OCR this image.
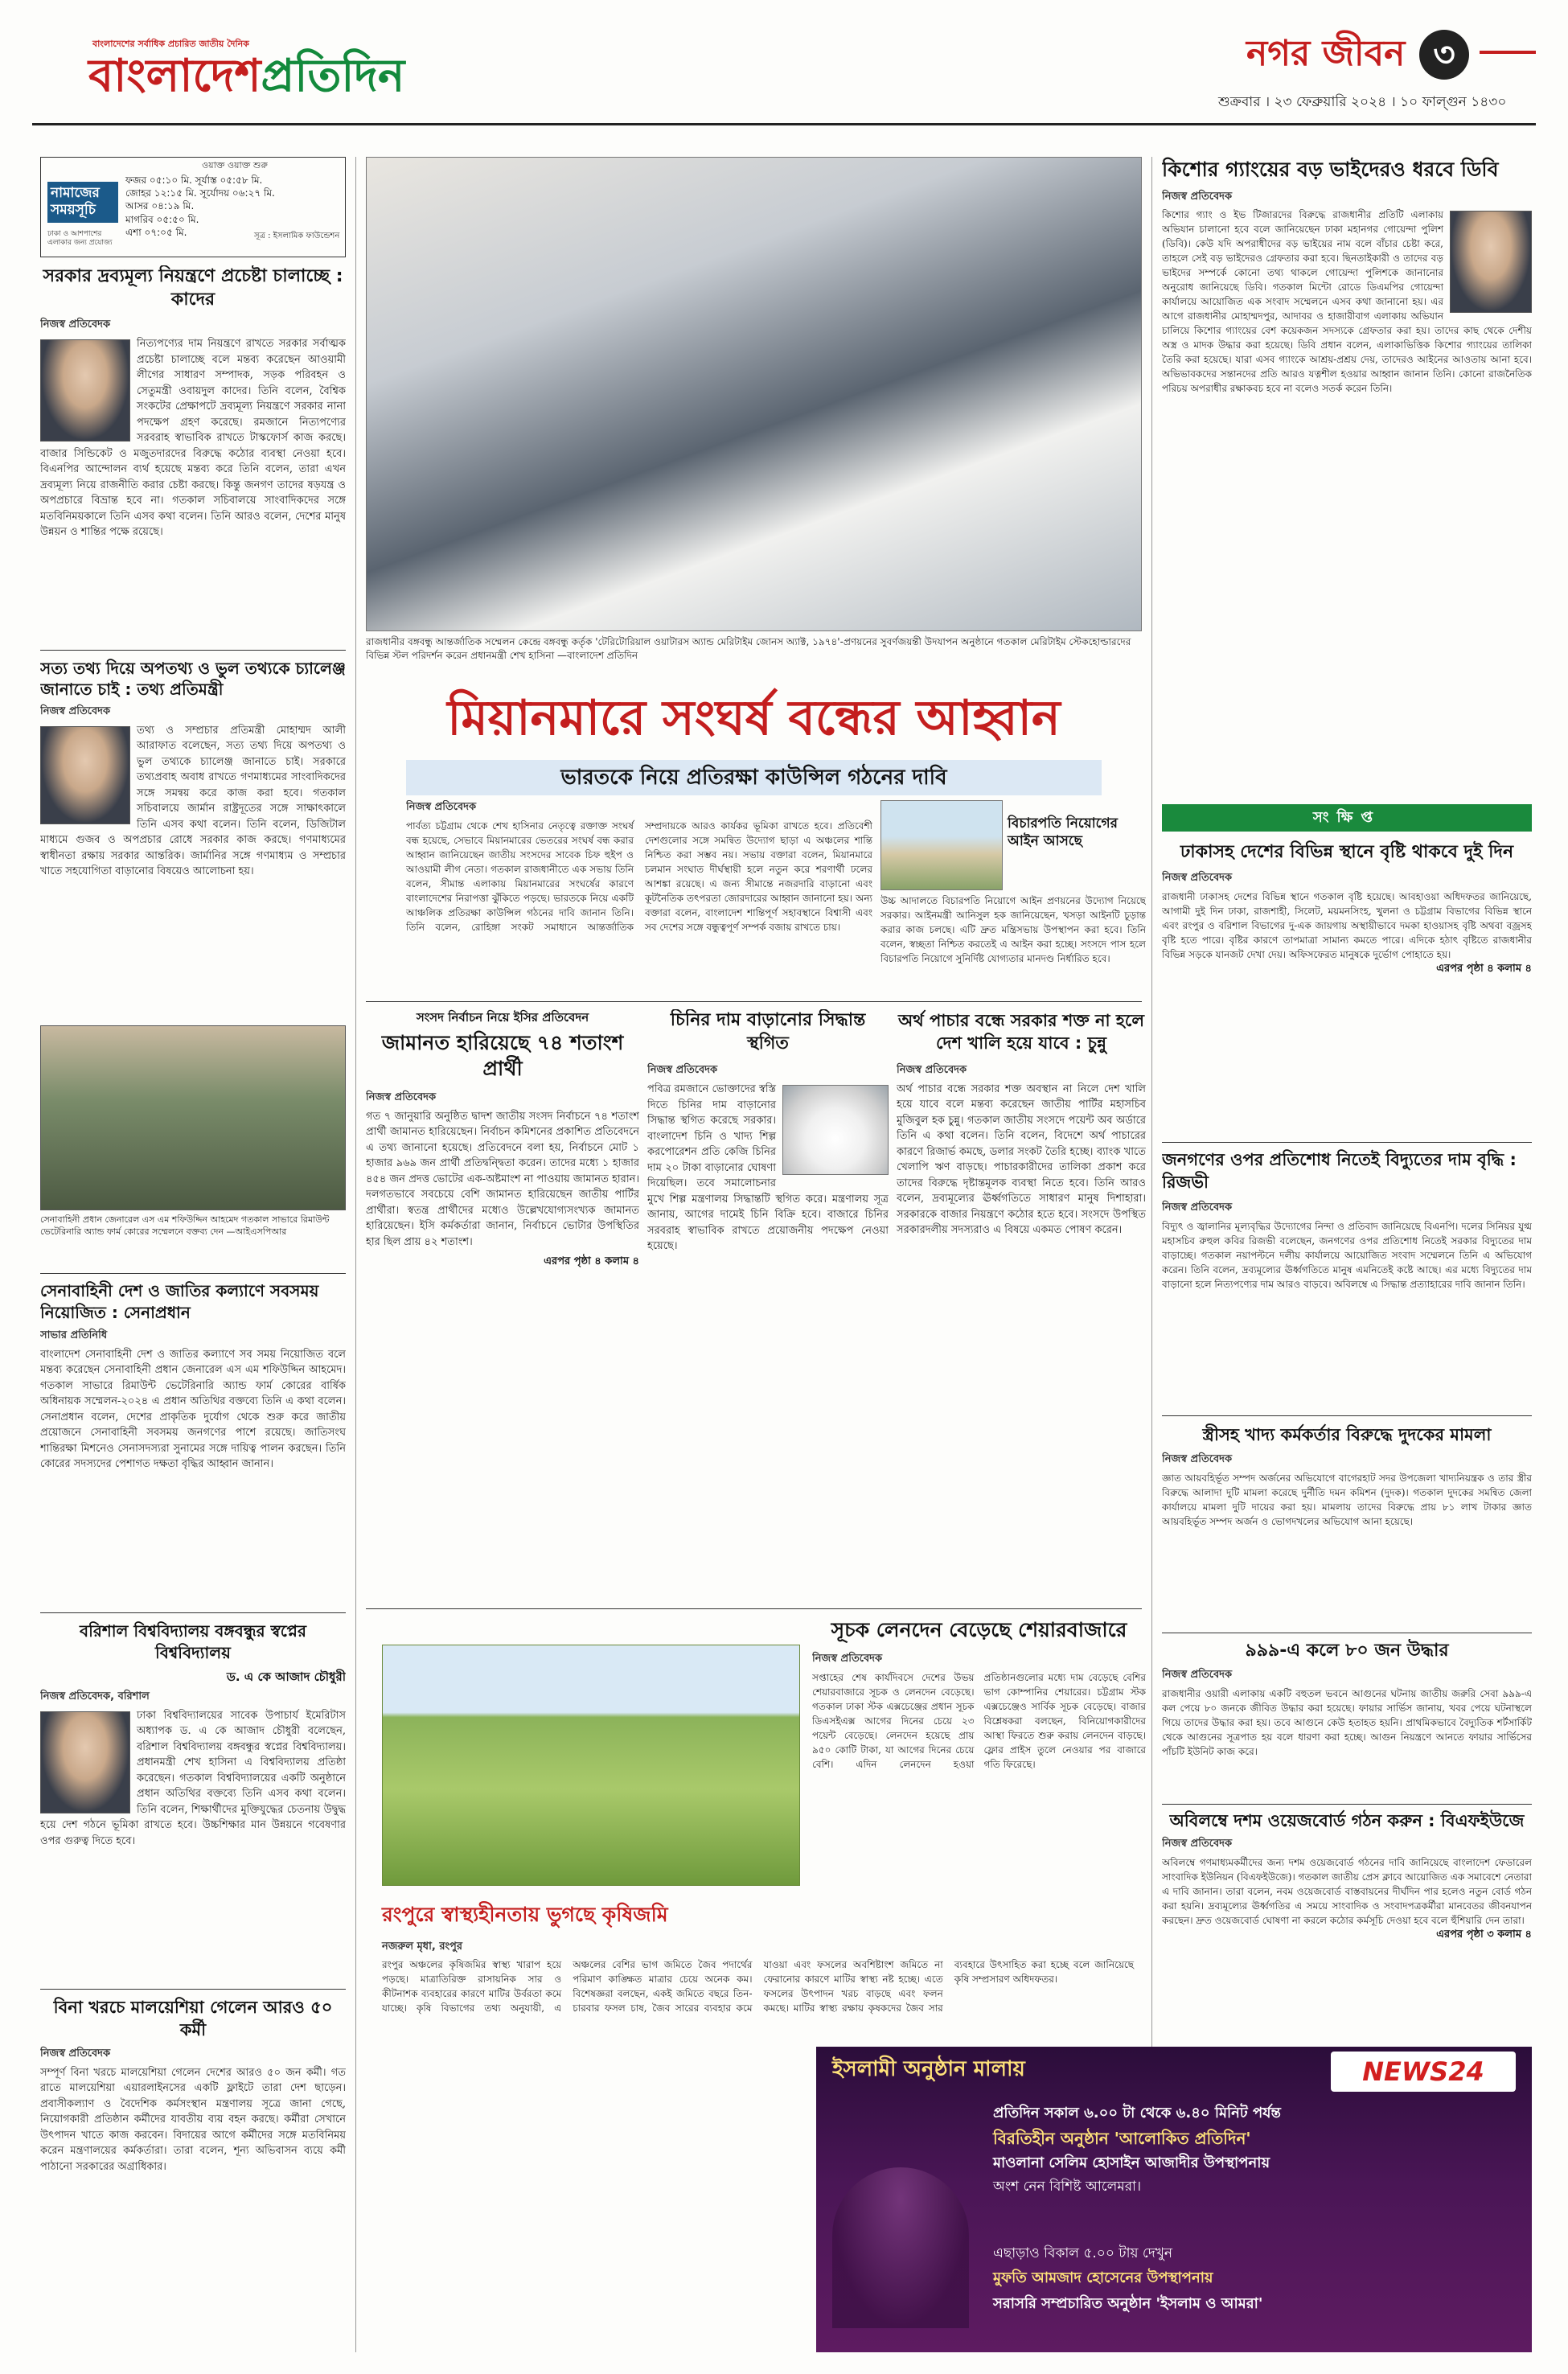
বাংলাদেশের সর্বাধিক প্রচারিত জাতীয় দৈনিক
বাংলাদেশপ্রতিদিন	নগর জীবন ৩
শুক্রবার । ২৩ ফেব্রুয়ারি ২০২৪ । ১০ ফাল্গুন ১৪৩০
নামাজের সময়সূচি
ঢাকা ও আশপাশের এলাকার জন্য প্রযোজ্য
ওয়াক্ত ওয়াক্ত শুরু
ফজর ০৫:১০ মি. সূর্যাস্ত ০৫:৫৮ মি.
জোহর ১২:১৫ মি. সূর্যোদয় ০৬:২৭ মি.
আসর ০৪:১৯ মি.
মাগরিব ০৫:৫০ মি.
এশা ০৭:০৫ মি.	সূত্র : ইসলামিক ফাউন্ডেশন
সরকার দ্রব্যমূল্য নিয়ন্ত্রণে প্রচেষ্টা চালাচ্ছে : কাদের
নিজস্ব প্রতিবেদক
নিত্যপণ্যের দাম নিয়ন্ত্রণে রাখতে সরকার সর্বাত্মক প্রচেষ্টা চালাচ্ছে বলে মন্তব্য করেছেন আওয়ামী লীগের সাধারণ সম্পাদক, সড়ক পরিবহন ও সেতুমন্ত্রী ওবায়দুল কাদের। তিনি বলেন, বৈশ্বিক সংকটের প্রেক্ষাপটে দ্রব্যমূল্য নিয়ন্ত্রণে সরকার নানা পদক্ষেপ গ্রহণ করেছে। রমজানে নিত্যপণ্যের সরবরাহ স্বাভাবিক রাখতে টাস্কফোর্স কাজ করছে। বাজার সিন্ডিকেট ও মজুতদারদের বিরুদ্ধে কঠোর ব্যবস্থা নেওয়া হবে। বিএনপির আন্দোলন ব্যর্থ হয়েছে মন্তব্য করে তিনি বলেন, তারা এখন দ্রব্যমূল্য নিয়ে রাজনীতি করার চেষ্টা করছে। কিন্তু জনগণ তাদের ষড়যন্ত্র ও অপপ্রচারে বিভ্রান্ত হবে না। গতকাল সচিবালয়ে সাংবাদিকদের সঙ্গে মতবিনিময়কালে তিনি এসব কথা বলেন। তিনি আরও বলেন, দেশের মানুষ উন্নয়ন ও শান্তির পক্ষে রয়েছে।
সত্য তথ্য দিয়ে অপতথ্য ও ভুল তথ্যকে চ্যালেঞ্জ জানাতে চাই : তথ্য প্রতিমন্ত্রী
নিজস্ব প্রতিবেদক
তথ্য ও সম্প্রচার প্রতিমন্ত্রী মোহাম্মদ আলী আরাফাত বলেছেন, সত্য তথ্য দিয়ে অপতথ্য ও ভুল তথ্যকে চ্যালেঞ্জ জানাতে চাই। সরকারে তথ্যপ্রবাহ অবাধ রাখতে গণমাধ্যমের সাংবাদিকদের সঙ্গে সমন্বয় করে কাজ করা হবে। গতকাল সচিবালয়ে জার্মান রাষ্ট্রদূতের সঙ্গে সাক্ষাৎকালে তিনি এসব কথা বলেন। তিনি বলেন, ডিজিটাল মাধ্যমে গুজব ও অপপ্রচার রোধে সরকার কাজ করছে। গণমাধ্যমের স্বাধীনতা রক্ষায় সরকার আন্তরিক। জার্মানির সঙ্গে গণমাধ্যম ও সম্প্রচার খাতে সহযোগিতা বাড়ানোর বিষয়েও আলোচনা হয়।
সেনাবাহিনী প্রধান জেনারেল এস এম শফিউদ্দিন আহমেদ গতকাল সাভারে রিমাউন্ট ভেটেরিনারি অ্যান্ড ফার্ম কোরের সম্মেলনে বক্তব্য দেন —আইএসপিআর
সেনাবাহিনী দেশ ও জাতির কল্যাণে সবসময় নিয়োজিত : সেনাপ্রধান
সাভার প্রতিনিধি
বাংলাদেশ সেনাবাহিনী দেশ ও জাতির কল্যাণে সব সময় নিয়োজিত বলে মন্তব্য করেছেন সেনাবাহিনী প্রধান জেনারেল এস এম শফিউদ্দিন আহমেদ। গতকাল সাভারে রিমাউন্ট ভেটেরিনারি অ্যান্ড ফার্ম কোরের বার্ষিক অধিনায়ক সম্মেলন-২০২৪ এ প্রধান অতিথির বক্তব্যে তিনি এ কথা বলেন। সেনাপ্রধান বলেন, দেশের প্রাকৃতিক দুর্যোগ থেকে শুরু করে জাতীয় প্রয়োজনে সেনাবাহিনী সবসময় জনগণের পাশে রয়েছে। জাতিসংঘ শান্তিরক্ষা মিশনেও সেনাসদস্যরা সুনামের সঙ্গে দায়িত্ব পালন করছেন। তিনি কোরের সদস্যদের পেশাগত দক্ষতা বৃদ্ধির আহ্বান জানান।
বরিশাল বিশ্ববিদ্যালয় বঙ্গবন্ধুর স্বপ্নের বিশ্ববিদ্যালয়
ড. এ কে আজাদ চৌধুরী
নিজস্ব প্রতিবেদক, বরিশাল
ঢাকা বিশ্ববিদ্যালয়ের সাবেক উপাচার্য ইমেরিটাস অধ্যাপক ড. এ কে আজাদ চৌধুরী বলেছেন, বরিশাল বিশ্ববিদ্যালয় বঙ্গবন্ধুর স্বপ্নের বিশ্ববিদ্যালয়। প্রধানমন্ত্রী শেখ হাসিনা এ বিশ্ববিদ্যালয় প্রতিষ্ঠা করেছেন। গতকাল বিশ্ববিদ্যালয়ের একটি অনুষ্ঠানে প্রধান অতিথির বক্তব্যে তিনি এসব কথা বলেন। তিনি বলেন, শিক্ষার্থীদের মুক্তিযুদ্ধের চেতনায় উদ্বুদ্ধ হয়ে দেশ গঠনে ভূমিকা রাখতে হবে। উচ্চশিক্ষার মান উন্নয়নে গবেষণার ওপর গুরুত্ব দিতে হবে।
বিনা খরচে মালয়েশিয়া গেলেন আরও ৫০ কর্মী
নিজস্ব প্রতিবেদক
সম্পূর্ণ বিনা খরচে মালয়েশিয়া গেলেন দেশের আরও ৫০ জন কর্মী। গত রাতে মালয়েশিয়া এয়ারলাইনসের একটি ফ্লাইটে তারা দেশ ছাড়েন। প্রবাসীকল্যাণ ও বৈদেশিক কর্মসংস্থান মন্ত্রণালয় সূত্রে জানা গেছে, নিয়োগকারী প্রতিষ্ঠান কর্মীদের যাবতীয় ব্যয় বহন করছে। কর্মীরা সেখানে উৎপাদন খাতে কাজ করবেন। বিদায়ের আগে কর্মীদের সঙ্গে মতবিনিময় করেন মন্ত্রণালয়ের কর্মকর্তারা। তারা বলেন, শূন্য অভিবাসন ব্যয়ে কর্মী পাঠানো সরকারের অগ্রাধিকার।
রাজধানীর বঙ্গবন্ধু আন্তর্জাতিক সম্মেলন কেন্দ্রে বঙ্গবন্ধু কর্তৃক 'টেরিটোরিয়াল ওয়াটারস অ্যান্ড মেরিটাইম জোনস অ্যাক্ট, ১৯৭৪'-প্রণয়নের সুবর্ণজয়ন্তী উদযাপন অনুষ্ঠানে গতকাল মেরিটাইম স্টেকহোল্ডারদের বিভিন্ন স্টল পরিদর্শন করেন প্রধানমন্ত্রী শেখ হাসিনা —বাংলাদেশ প্রতিদিন
মিয়ানমারে সংঘর্ষ বন্ধের আহ্বান
ভারতকে নিয়ে প্রতিরক্ষা কাউন্সিল গঠনের দাবি
নিজস্ব প্রতিবেদক
পার্বত্য চট্টগ্রাম থেকে শেখ হাসিনার নেতৃত্বে রক্তাক্ত সংঘর্ষ বন্ধ হয়েছে, সেভাবে মিয়ানমারের ভেতরের সংঘর্ষ বন্ধ করার আহ্বান জানিয়েছেন জাতীয় সংসদের সাবেক চিফ হুইপ ও আওয়ামী লীগ নেতা। গতকাল রাজধানীতে এক সভায় তিনি বলেন, সীমান্ত এলাকায় মিয়ানমারের সংঘর্ষের কারণে বাংলাদেশের নিরাপত্তা ঝুঁকিতে পড়ছে। ভারতকে নিয়ে একটি আঞ্চলিক প্রতিরক্ষা কাউন্সিল গঠনের দাবি জানান তিনি। তিনি বলেন, রোহিঙ্গা সংকট সমাধানে আন্তর্জাতিক সম্প্রদায়কে আরও কার্যকর ভূমিকা রাখতে হবে। প্রতিবেশী দেশগুলোর সঙ্গে সমন্বিত উদ্যোগ ছাড়া এ অঞ্চলের শান্তি নিশ্চিত করা সম্ভব নয়। সভায় বক্তারা বলেন, মিয়ানমারে চলমান সংঘাত দীর্ঘস্থায়ী হলে নতুন করে শরণার্থী ঢলের আশঙ্কা রয়েছে। এ জন্য সীমান্তে নজরদারি বাড়ানো এবং কূটনৈতিক তৎপরতা জোরদারের আহ্বান জানানো হয়। অন্য বক্তারা বলেন, বাংলাদেশ শান্তিপূর্ণ সহাবস্থানে বিশ্বাসী এবং সব দেশের সঙ্গে বন্ধুত্বপূর্ণ সম্পর্ক বজায় রাখতে চায়।
বিচারপতি নিয়োগের আইন আসছে
উচ্চ আদালতে বিচারপতি নিয়োগে আইন প্রণয়নের উদ্যোগ নিয়েছে সরকার। আইনমন্ত্রী আনিসুল হক জানিয়েছেন, খসড়া আইনটি চূড়ান্ত করার কাজ চলছে। এটি দ্রুত মন্ত্রিসভায় উপস্থাপন করা হবে। তিনি বলেন, স্বচ্ছতা নিশ্চিত করতেই এ আইন করা হচ্ছে। সংসদে পাস হলে বিচারপতি নিয়োগে সুনির্দিষ্ট যোগ্যতার মানদণ্ড নির্ধারিত হবে।
সংসদ নির্বাচন নিয়ে ইসির প্রতিবেদন
জামানত হারিয়েছে ৭৪ শতাংশ প্রার্থী
নিজস্ব প্রতিবেদক
গত ৭ জানুয়ারি অনুষ্ঠিত দ্বাদশ জাতীয় সংসদ নির্বাচনে ৭৪ শতাংশ প্রার্থী জামানত হারিয়েছেন। নির্বাচন কমিশনের প্রকাশিত প্রতিবেদনে এ তথ্য জানানো হয়েছে। প্রতিবেদনে বলা হয়, নির্বাচনে মোট ১ হাজার ৯৬৯ জন প্রার্থী প্রতিদ্বন্দ্বিতা করেন। তাদের মধ্যে ১ হাজার ৪৫৪ জন প্রদত্ত ভোটের এক-অষ্টমাংশ না পাওয়ায় জামানত হারান। দলগতভাবে সবচেয়ে বেশি জামানত হারিয়েছেন জাতীয় পার্টির প্রার্থীরা। স্বতন্ত্র প্রার্থীদের মধ্যেও উল্লেখযোগ্যসংখ্যক জামানত হারিয়েছেন। ইসি কর্মকর্তারা জানান, নির্বাচনে ভোটার উপস্থিতির হার ছিল প্রায় ৪২ শতাংশ।
এরপর পৃষ্ঠা ৪ কলাম ৪
চিনির দাম বাড়ানোর সিদ্ধান্ত স্থগিত
নিজস্ব প্রতিবেদক
পবিত্র রমজানে ভোক্তাদের স্বস্তি দিতে চিনির দাম বাড়ানোর সিদ্ধান্ত স্থগিত করেছে সরকার। বাংলাদেশ চিনি ও খাদ্য শিল্প করপোরেশন প্রতি কেজি চিনির দাম ২০ টাকা বাড়ানোর ঘোষণা দিয়েছিল। তবে সমালোচনার মুখে শিল্প মন্ত্রণালয় সিদ্ধান্তটি স্থগিত করে। মন্ত্রণালয় সূত্র জানায়, আগের দামেই চিনি বিক্রি হবে। বাজারে চিনির সরবরাহ স্বাভাবিক রাখতে প্রয়োজনীয় পদক্ষেপ নেওয়া হয়েছে।
অর্থ পাচার বন্ধে সরকার শক্ত না হলে দেশ খালি হয়ে যাবে : চুন্নু
নিজস্ব প্রতিবেদক
অর্থ পাচার বন্ধে সরকার শক্ত অবস্থান না নিলে দেশ খালি হয়ে যাবে বলে মন্তব্য করেছেন জাতীয় পার্টির মহাসচিব মুজিবুল হক চুন্নু। গতকাল জাতীয় সংসদে পয়েন্ট অব অর্ডারে তিনি এ কথা বলেন। তিনি বলেন, বিদেশে অর্থ পাচারের কারণে রিজার্ভ কমছে, ডলার সংকট তৈরি হচ্ছে। ব্যাংক খাতে খেলাপি ঋণ বাড়ছে। পাচারকারীদের তালিকা প্রকাশ করে তাদের বিরুদ্ধে দৃষ্টান্তমূলক ব্যবস্থা নিতে হবে। তিনি আরও বলেন, দ্রব্যমূল্যের ঊর্ধ্বগতিতে সাধারণ মানুষ দিশাহারা। সরকারকে বাজার নিয়ন্ত্রণে কঠোর হতে হবে। সংসদে উপস্থিত সরকারদলীয় সদস্যরাও এ বিষয়ে একমত পোষণ করেন।
সূচক লেনদেন বেড়েছে শেয়ারবাজারে
নিজস্ব প্রতিবেদক
সপ্তাহের শেষ কার্যদিবসে দেশের উভয় শেয়ারবাজারে সূচক ও লেনদেন বেড়েছে। গতকাল ঢাকা স্টক এক্সচেঞ্জের প্রধান সূচক ডিএসইএক্স আগের দিনের চেয়ে ২৩ পয়েন্ট বেড়েছে। লেনদেন হয়েছে প্রায় ৯৫০ কোটি টাকা, যা আগের দিনের চেয়ে বেশি। এদিন লেনদেন হওয়া প্রতিষ্ঠানগুলোর মধ্যে দাম বেড়েছে বেশির ভাগ কোম্পানির শেয়ারের। চট্টগ্রাম স্টক এক্সচেঞ্জেও সার্বিক সূচক বেড়েছে। বাজার বিশ্লেষকরা বলছেন, বিনিয়োগকারীদের আস্থা ফিরতে শুরু করায় লেনদেন বাড়ছে। ফ্লোর প্রাইস তুলে নেওয়ার পর বাজারে গতি ফিরেছে।
রংপুরে স্বাস্থ্যহীনতায় ভুগছে কৃষিজমি
নজরুল মৃধা, রংপুর
রংপুর অঞ্চলের কৃষিজমির স্বাস্থ্য খারাপ হয়ে পড়ছে। মাত্রাতিরিক্ত রাসায়নিক সার ও কীটনাশক ব্যবহারের কারণে মাটির উর্বরতা কমে যাচ্ছে। কৃষি বিভাগের তথ্য অনুযায়ী, এ অঞ্চলের বেশির ভাগ জমিতে জৈব পদার্থের পরিমাণ কাঙ্ক্ষিত মাত্রার চেয়ে অনেক কম। বিশেষজ্ঞরা বলছেন, একই জমিতে বছরে তিন-চারবার ফসল চাষ, জৈব সারের ব্যবহার কমে যাওয়া এবং ফসলের অবশিষ্টাংশ জমিতে না ফেরানোর কারণে মাটির স্বাস্থ্য নষ্ট হচ্ছে। এতে ফসলের উৎপাদন খরচ বাড়ছে এবং ফলন কমছে। মাটির স্বাস্থ্য রক্ষায় কৃষকদের জৈব সার ব্যবহারে উৎসাহিত করা হচ্ছে বলে জানিয়েছে কৃষি সম্প্রসারণ অধিদফতর।
কিশোর গ্যাংয়ের বড় ভাইদেরও ধরবে ডিবি
নিজস্ব প্রতিবেদক
কিশোর গ্যাং ও ইভ টিজারদের বিরুদ্ধে রাজধানীর প্রতিটি এলাকায় অভিযান চালানো হবে বলে জানিয়েছেন ঢাকা মহানগর গোয়েন্দা পুলিশ (ডিবি)। কেউ যদি অপরাধীদের বড় ভাইয়ের নাম বলে বাঁচার চেষ্টা করে, তাহলে সেই বড় ভাইদেরও গ্রেফতার করা হবে। ছিনতাইকারী ও তাদের বড় ভাইদের সম্পর্কে কোনো তথ্য থাকলে গোয়েন্দা পুলিশকে জানানোর অনুরোধ জানিয়েছে ডিবি। গতকাল মিন্টো রোডে ডিএমপির গোয়েন্দা কার্যালয়ে আয়োজিত এক সংবাদ সম্মেলনে এসব কথা জানানো হয়। এর আগে রাজধানীর মোহাম্মদপুর, আদাবর ও হাজারীবাগ এলাকায় অভিযান চালিয়ে কিশোর গ্যাংয়ের বেশ কয়েকজন সদস্যকে গ্রেফতার করা হয়। তাদের কাছ থেকে দেশীয় অস্ত্র ও মাদক উদ্ধার করা হয়েছে। ডিবি প্রধান বলেন, এলাকাভিত্তিক কিশোর গ্যাংয়ের তালিকা তৈরি করা হয়েছে। যারা এসব গ্যাংকে আশ্রয়-প্রশ্রয় দেয়, তাদেরও আইনের আওতায় আনা হবে। অভিভাবকদের সন্তানদের প্রতি আরও যত্নশীল হওয়ার আহ্বান জানান তিনি। কোনো রাজনৈতিক পরিচয় অপরাধীর রক্ষাকবচ হবে না বলেও সতর্ক করেন তিনি।
সংক্ষিপ্ত
ঢাকাসহ দেশের বিভিন্ন স্থানে বৃষ্টি থাকবে দুই দিন
নিজস্ব প্রতিবেদক
রাজধানী ঢাকাসহ দেশের বিভিন্ন স্থানে গতকাল বৃষ্টি হয়েছে। আবহাওয়া অধিদফতর জানিয়েছে, আগামী দুই দিন ঢাকা, রাজশাহী, সিলেট, ময়মনসিংহ, খুলনা ও চট্টগ্রাম বিভাগের বিভিন্ন স্থানে এবং রংপুর ও বরিশাল বিভাগের দু-এক জায়গায় অস্থায়ীভাবে দমকা হাওয়াসহ বৃষ্টি অথবা বজ্রসহ বৃষ্টি হতে পারে। বৃষ্টির কারণে তাপমাত্রা সামান্য কমতে পারে। এদিকে হঠাৎ বৃষ্টিতে রাজধানীর বিভিন্ন সড়কে যানজট দেখা দেয়। অফিসফেরত মানুষকে দুর্ভোগ পোহাতে হয়।
এরপর পৃষ্ঠা ৪ কলাম ৪
জনগণের ওপর প্রতিশোধ নিতেই বিদ্যুতের দাম বৃদ্ধি : রিজভী
নিজস্ব প্রতিবেদক
বিদ্যুৎ ও জ্বালানির মূল্যবৃদ্ধির উদ্যোগের নিন্দা ও প্রতিবাদ জানিয়েছে বিএনপি। দলের সিনিয়র যুগ্ম মহাসচিব রুহুল কবির রিজভী বলেছেন, জনগণের ওপর প্রতিশোধ নিতেই সরকার বিদ্যুতের দাম বাড়াচ্ছে। গতকাল নয়াপল্টনে দলীয় কার্যালয়ে আয়োজিত সংবাদ সম্মেলনে তিনি এ অভিযোগ করেন। তিনি বলেন, দ্রব্যমূল্যের ঊর্ধ্বগতিতে মানুষ এমনিতেই কষ্টে আছে। এর মধ্যে বিদ্যুতের দাম বাড়ানো হলে নিত্যপণ্যের দাম আরও বাড়বে। অবিলম্বে এ সিদ্ধান্ত প্রত্যাহারের দাবি জানান তিনি।
স্ত্রীসহ খাদ্য কর্মকর্তার বিরুদ্ধে দুদকের মামলা
নিজস্ব প্রতিবেদক
জ্ঞাত আয়বহির্ভূত সম্পদ অর্জনের অভিযোগে বাগেরহাট সদর উপজেলা খাদ্যনিয়ন্ত্রক ও তার স্ত্রীর বিরুদ্ধে আলাদা দুটি মামলা করেছে দুর্নীতি দমন কমিশন (দুদক)। গতকাল দুদকের সমন্বিত জেলা কার্যালয়ে মামলা দুটি দায়ের করা হয়। মামলায় তাদের বিরুদ্ধে প্রায় ৮১ লাখ টাকার জ্ঞাত আয়বহির্ভূত সম্পদ অর্জন ও ভোগদখলের অভিযোগ আনা হয়েছে।
৯৯৯-এ কলে ৮০ জন উদ্ধার
নিজস্ব প্রতিবেদক
রাজধানীর ওয়ারী এলাকায় একটি বহুতল ভবনে আগুনের ঘটনায় জাতীয় জরুরি সেবা ৯৯৯-এ কল পেয়ে ৮০ জনকে জীবিত উদ্ধার করা হয়েছে। ফায়ার সার্ভিস জানায়, খবর পেয়ে ঘটনাস্থলে গিয়ে তাদের উদ্ধার করা হয়। তবে আগুনে কেউ হতাহত হয়নি। প্রাথমিকভাবে বৈদ্যুতিক শর্টসার্কিট থেকে আগুনের সূত্রপাত হয় বলে ধারণা করা হচ্ছে। আগুন নিয়ন্ত্রণে আনতে ফায়ার সার্ভিসের পাঁচটি ইউনিট কাজ করে।
অবিলম্বে দশম ওয়েজবোর্ড গঠন করুন : বিএফইউজে
নিজস্ব প্রতিবেদক
অবিলম্বে গণমাধ্যমকর্মীদের জন্য দশম ওয়েজবোর্ড গঠনের দাবি জানিয়েছে বাংলাদেশ ফেডারেল সাংবাদিক ইউনিয়ন (বিএফইউজে)। গতকাল জাতীয় প্রেস ক্লাবে আয়োজিত এক সমাবেশে নেতারা এ দাবি জানান। তারা বলেন, নবম ওয়েজবোর্ড বাস্তবায়নের দীর্ঘদিন পার হলেও নতুন বোর্ড গঠন করা হয়নি। দ্রব্যমূল্যের ঊর্ধ্বগতির এ সময়ে সাংবাদিক ও সংবাদপত্রকর্মীরা মানবেতর জীবনযাপন করছেন। দ্রুত ওয়েজবোর্ড ঘোষণা না করলে কঠোর কর্মসূচি দেওয়া হবে বলে হুঁশিয়ারি দেন তারা।
এরপর পৃষ্ঠা ৩ কলাম ৪
ইসলামী অনুষ্ঠান মালায়	NEWS24
প্রতিদিন সকাল ৬.০০ টা থেকে ৬.৪০ মিনিট পর্যন্ত
বিরতিহীন অনুষ্ঠান 'আলোকিত প্রতিদিন'
মাওলানা সেলিম হোসাইন আজাদীর উপস্থাপনায়
অংশ নেন বিশিষ্ট আলেমরা।
এছাড়াও বিকাল ৫.০০ টায় দেখুন
মুফতি আমজাদ হোসেনের উপস্থাপনায়
সরাসরি সম্প্রচারিত অনুষ্ঠান 'ইসলাম ও আমরা'
